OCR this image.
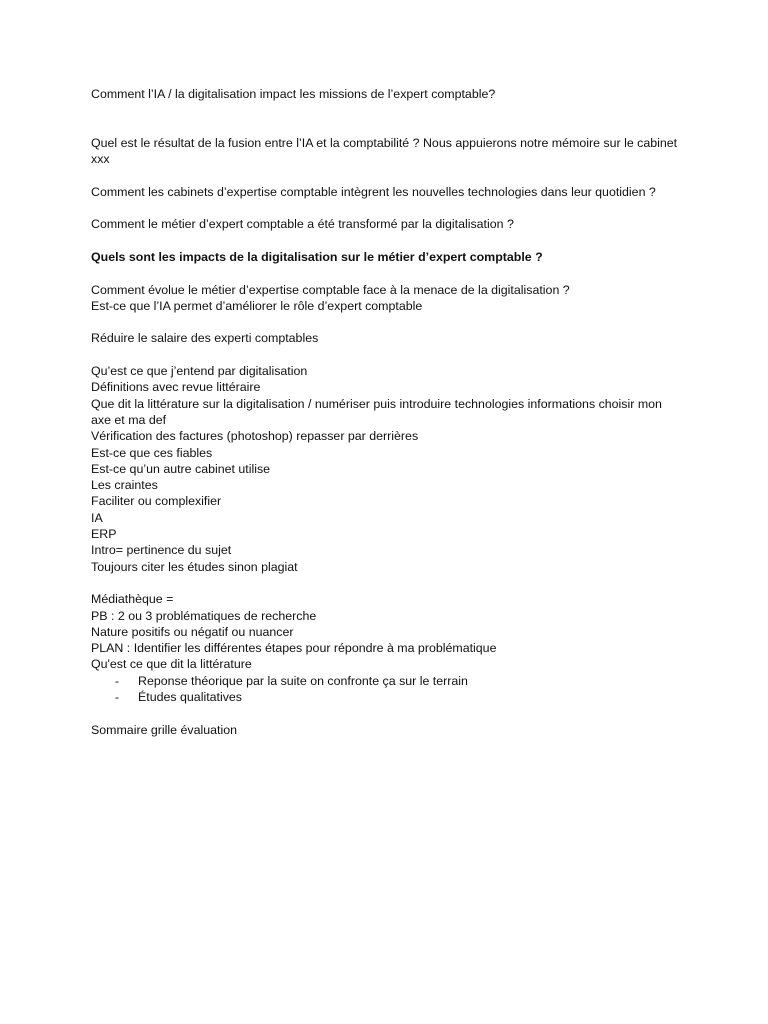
Comment l’IA / la digitalisation impact les missions de l’expert comptable?

Quel est le résultat de la fusion entre l’IA et la comptabilité ? Nous appuierons notre mémoire sur le cabinet xxx

Comment les cabinets d’expertise comptable intègrent les nouvelles technologies dans leur quotidien ?

Comment le métier d’expert comptable a été transformé par la digitalisation ?

Quels sont les impacts de la digitalisation sur le métier d’expert comptable ?

Comment évolue le métier d’expertise comptable face à la menace de la digitalisation ?

Est-ce que l’IA permet d’améliorer le rôle d’expert comptable

Réduire le salaire des experti comptables

Qu’est ce que j’entend par digitalisation

Définitions avec revue littéraire

Que dit la littérature sur la digitalisation / numériser puis introduire technologies informations choisir mon axe et ma def

Vérification des factures (photoshop) repasser par derrières

Est-ce que ces fiables

Est-ce qu’un autre cabinet utilise

Les craintes

Faciliter ou complexifier

IA

ERP

Intro= pertinence du sujet

Toujours citer les études sinon plagiat

Médiathèque =

PB : 2 ou 3 problématiques de recherche

Nature positifs ou négatif ou nuancer

PLAN : Identifier les différentes étapes pour répondre à ma problématique

Qu'est ce que dit la littérature

- Reponse théorique par la suite on confronte ça sur le terrain
- Études qualitatives

Sommaire grille évaluation
